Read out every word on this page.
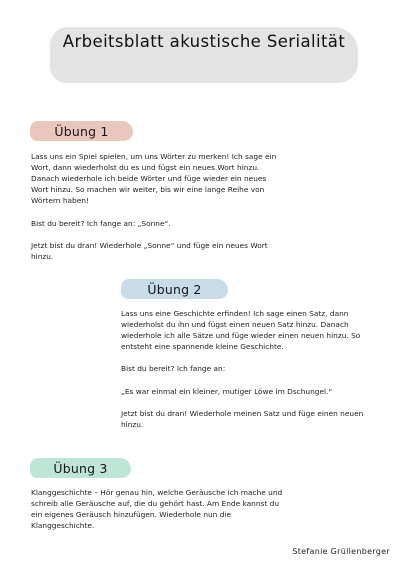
Arbeitsblatt akustische Serialität
Übung 1

Lass uns ein Spiel spielen, um uns Wörter zu merken! Ich sage ein Wort, dann wiederholst du es und fügst ein neues Wort hinzu. Danach wiederhole ich beide Wörter und füge wieder ein neues Wort hinzu. So machen wir weiter, bis wir eine lange Reihe von Wörtern haben!

Bist du bereit? Ich fange an: „Sonne“.

Jetzt bist du dran! Wiederhole „Sonne“ und füge ein neues Wort hinzu.

Übung 2

Lass uns eine Geschichte erfinden! Ich sage einen Satz, dann wiederholst du ihn und fügst einen neuen Satz hinzu. Danach wiederhole ich alle Sätze und füge wieder einen neuen hinzu. So entsteht eine spannende kleine Geschichte.

Bist du bereit? Ich fange an:

„Es war einmal ein kleiner, mutiger Löwe im Dschungel.“

Jetzt bist du dran! Wiederhole meinen Satz und füge einen neuen hinzu.

Übung 3

Klanggeschichte – Hör genau hin, welche Geräusche ich mache und schreib alle Geräusche auf, die du gehört hast. Am Ende kannst du ein eigenes Geräusch hinzufügen. Wiederhole nun die Klanggeschichte.

Stefanie Grüllenberger
